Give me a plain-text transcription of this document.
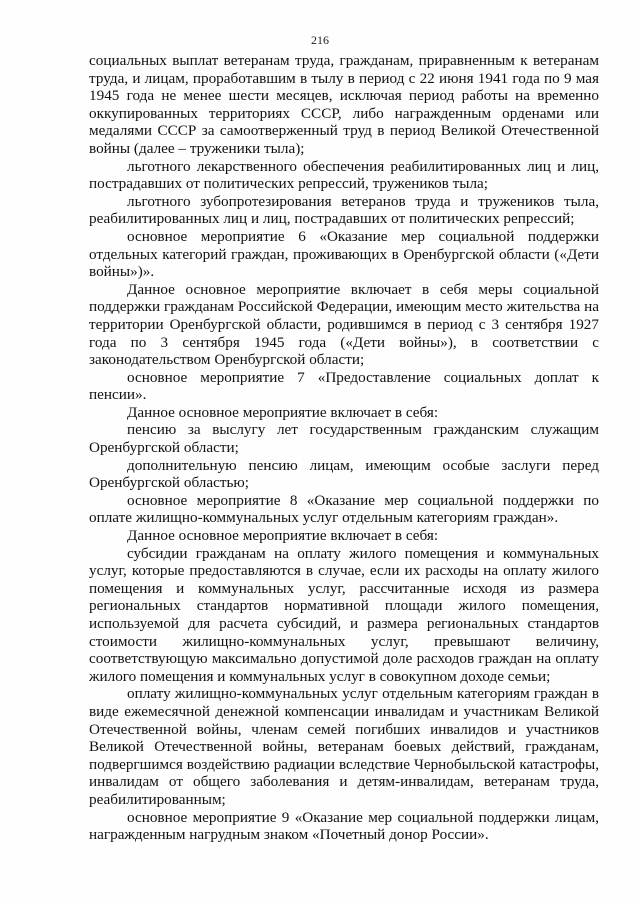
216

социальных выплат ветеранам труда, гражданам, приравненным к ветеранам труда, и лицам, проработавшим в тылу в период с 22 июня 1941 года по 9 мая 1945 года не менее шести месяцев, исключая период работы на временно оккупированных территориях СССР, либо награжденным орденами или медалями СССР за самоотверженный труд в период Великой Отечественной войны (далее – труженики тыла);

льготного лекарственного обеспечения реабилитированных лиц и лиц, пострадавших от политических репрессий, тружеников тыла;

льготного зубопротезирования ветеранов труда и тружеников тыла, реабилитированных лиц и лиц, пострадавших от политических репрессий;

основное мероприятие 6 «Оказание мер социальной поддержки отдельных категорий граждан, проживающих в Оренбургской области («Дети войны»)».

Данное основное мероприятие включает в себя меры социальной поддержки гражданам Российской Федерации, имеющим место жительства на территории Оренбургской области, родившимся в период с 3 сентября 1927 года по 3 сентября 1945 года («Дети войны»), в соответствии с законодательством Оренбургской области;

основное мероприятие 7 «Предоставление социальных доплат к пенсии».

Данное основное мероприятие включает в себя:

пенсию за выслугу лет государственным гражданским служащим Оренбургской области;

дополнительную пенсию лицам, имеющим особые заслуги перед Оренбургской областью;

основное мероприятие 8 «Оказание мер социальной поддержки по оплате жилищно-коммунальных услуг отдельным категориям граждан».

Данное основное мероприятие включает в себя:

субсидии гражданам на оплату жилого помещения и коммунальных услуг, которые предоставляются в случае, если их расходы на оплату жилого помещения и коммунальных услуг, рассчитанные исходя из размера региональных стандартов нормативной площади жилого помещения, используемой для расчета субсидий, и размера региональных стандартов стоимости жилищно-коммунальных услуг, превышают величину, соответствующую максимально допустимой доле расходов граждан на оплату жилого помещения и коммунальных услуг в совокупном доходе семьи;

оплату жилищно-коммунальных услуг отдельным категориям граждан в виде ежемесячной денежной компенсации инвалидам и участникам Великой Отечественной войны, членам семей погибших инвалидов и участников Великой Отечественной войны, ветеранам боевых действий, гражданам, подвергшимся воздействию радиации вследствие Чернобыльской катастрофы, инвалидам от общего заболевания и детям-инвалидам, ветеранам труда, реабилитированным;

основное мероприятие 9 «Оказание мер социальной поддержки лицам, награжденным нагрудным знаком «Почетный донор России».
